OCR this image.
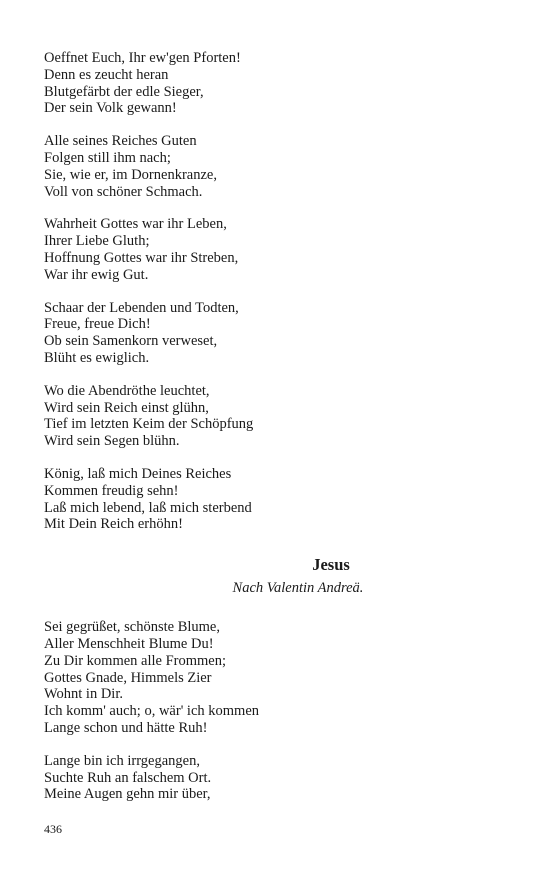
Oeffnet Euch, Ihr ew'gen Pforten!
Denn es zeucht heran
Blutgefärbt der edle Sieger,
Der sein Volk gewann!
Alle seines Reiches Guten
Folgen still ihm nach;
Sie, wie er, im Dornenkranze,
Voll von schöner Schmach.
Wahrheit Gottes war ihr Leben,
Ihrer Liebe Gluth;
Hoffnung Gottes war ihr Streben,
War ihr ewig Gut.
Schaar der Lebenden und Todten,
Freue, freue Dich!
Ob sein Samenkorn verweset,
Blüht es ewiglich.
Wo die Abendröthe leuchtet,
Wird sein Reich einst glühn,
Tief im letzten Keim der Schöpfung
Wird sein Segen blühn.
König, laß mich Deines Reiches
Kommen freudig sehn!
Laß mich lebend, laß mich sterbend
Mit Dein Reich erhöhn!
Jesus
Nach Valentin Andreä.
Sei gegrüßet, schönste Blume,
Aller Menschheit Blume Du!
Zu Dir kommen alle Frommen;
Gottes Gnade, Himmels Zier
Wohnt in Dir.
Ich komm' auch; o, wär' ich kommen
Lange schon und hätte Ruh!
Lange bin ich irrgegangen,
Suchte Ruh an falschem Ort.
Meine Augen gehn mir über,
436
